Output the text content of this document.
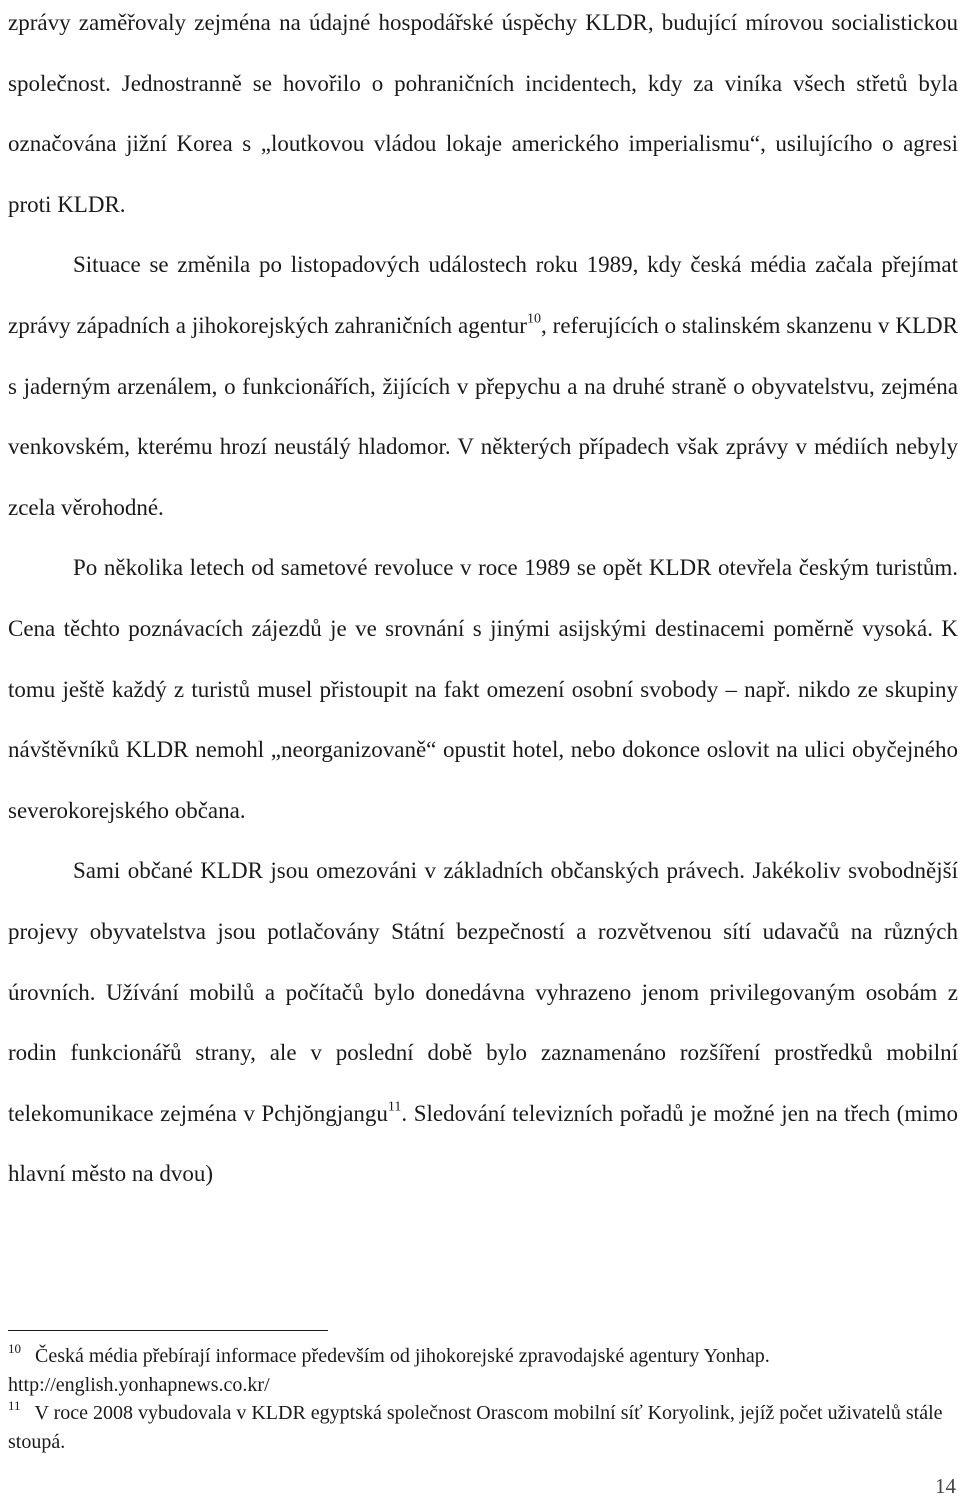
zprávy zaměřovaly zejména na údajné hospodářské úspěchy KLDR, budující mírovou socialistickou společnost. Jednostranně se hovořilo o pohraničních incidentech, kdy za viníka všech střetů byla označována jižní Korea s „loutkovou vládou lokaje amerického imperialismu“, usilujícího o agresi proti KLDR.

Situace se změnila po listopadových událostech roku 1989, kdy česká média začala přejímat zprávy západních a jihokorejských zahraničních agentur$^{10}$, referujících o stalinském skanzenu v KLDR s jaderným arzenálem, o funkcionářích, žijících v přepychu a na druhé straně o obyvatelstvu, zejména venkovském, kterému hrozí neustálý hladomor. V některých případech však zprávy v médiích nebyly zcela věrohodné.

Po několika letech od sametové revoluce v roce 1989 se opět KLDR otevřela českým turistům. Cena těchto poznávacích zájezdů je ve srovnání s jinými asijskými destinacemi poměrně vysoká. K tomu ještě každý z turistů musel přistoupit na fakt omezení osobní svobody – např. nikdo ze skupiny návštěvníků KLDR nemohl „neorganizovaně“ opustit hotel, nebo dokonce oslovit na ulici obyčejného severokorejského občana.

Sami občané KLDR jsou omezováni v základních občanských právech. Jakékoliv svobodnější projevy obyvatelstva jsou potlačovány Státní bezpečností a rozvětvenou sítí udavačů na různých úrovních. Užívání mobilů a počítačů bylo donedávna vyhrazeno jenom privilegovaným osobám z rodin funkcionářů strany, ale v poslední době bylo zaznamenáno rozšíření prostředků mobilní telekomunikace zejména v Pchjŏngjangu$^{11}$. Sledování televizních pořadů je možné jen na třech (mimo hlavní město na dvou)

$^{10}$ Česká média přebírají informace především od jihokorejské zpravodajské agentury Yonhap.
http://english.yonhapnews.co.kr/

$^{11}$ V roce 2008 vybudovala v KLDR egyptská společnost Orascom mobilní síť Koryolink, jejíž počet uživatelů stále stoupá.

14
